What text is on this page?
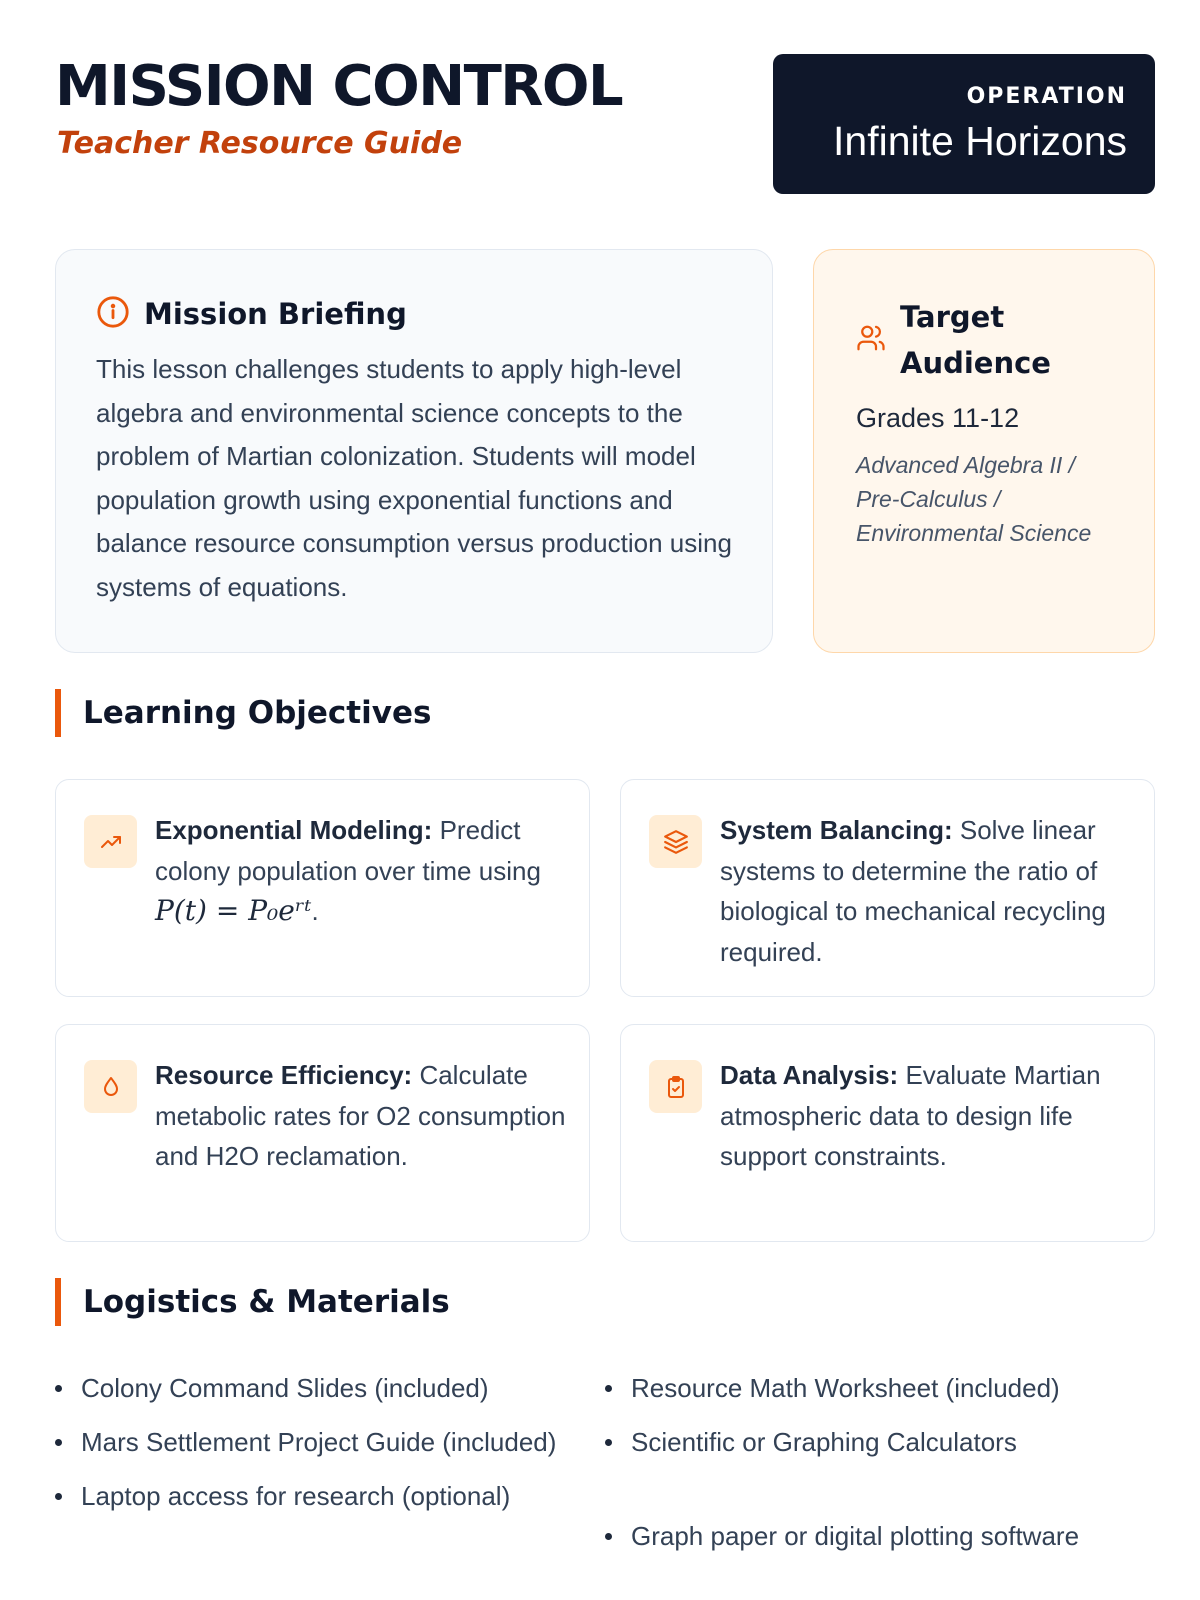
MISSION CONTROL
Teacher Resource Guide
OPERATION
Infinite Horizons
Mission Briefing

This lesson challenges students to apply high-level algebra and environmental science concepts to the problem of Martian colonization. Students will model population growth using exponential functions and balance resource consumption versus production using systems of equations.

Target Audience
Grades 11-12
Advanced Algebra II /
Pre-Calculus /
Environmental Science
Learning Objectives
Exponential Modeling: Predict colony population over time using P(t) = P₀eʳᵗ.
System Balancing: Solve linear systems to determine the ratio of biological to mechanical recycling required.
Resource Efficiency: Calculate metabolic rates for O2 consumption and H2O reclamation.
Data Analysis: Evaluate Martian atmospheric data to design life support constraints.
Logistics & Materials
Colony Command Slides (included)
Mars Settlement Project Guide (included)
Laptop access for research (optional)
Resource Math Worksheet (included)
Scientific or Graphing Calculators
Graph paper or digital plotting software
